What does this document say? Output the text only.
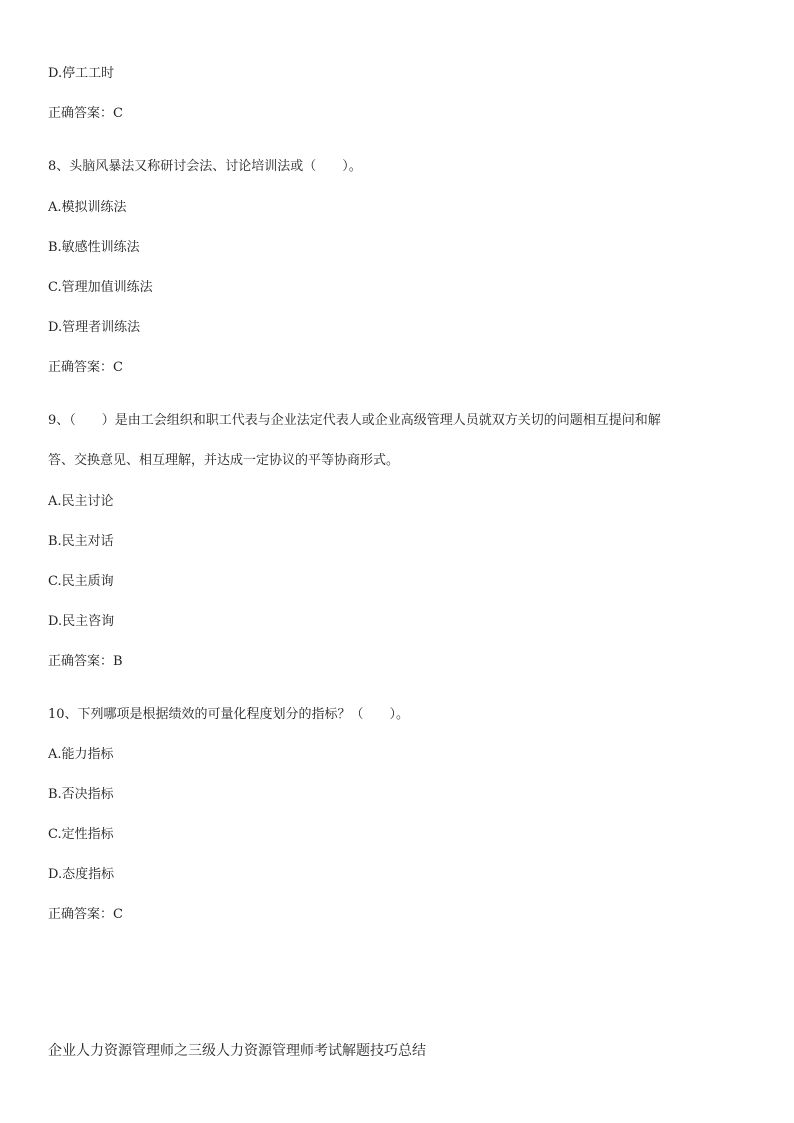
D.停工工时
正确答案：C
8、头脑风暴法又称研讨会法、讨论培训法或（　　）。
A.模拟训练法
B.敏感性训练法
C.管理加值训练法
D.管理者训练法
正确答案：C
9、（　　）是由工会组织和职工代表与企业法定代表人或企业高级管理人员就双方关切的问题相互提问和解
答、交换意见、相互理解，并达成一定协议的平等协商形式。
A.民主讨论
B.民主对话
C.民主质询
D.民主咨询
正确答案：B
10、下列哪项是根据绩效的可量化程度划分的指标？（　　）。
A.能力指标
B.否决指标
C.定性指标
D.态度指标
正确答案：C
企业人力资源管理师之三级人力资源管理师考试解题技巧总结
